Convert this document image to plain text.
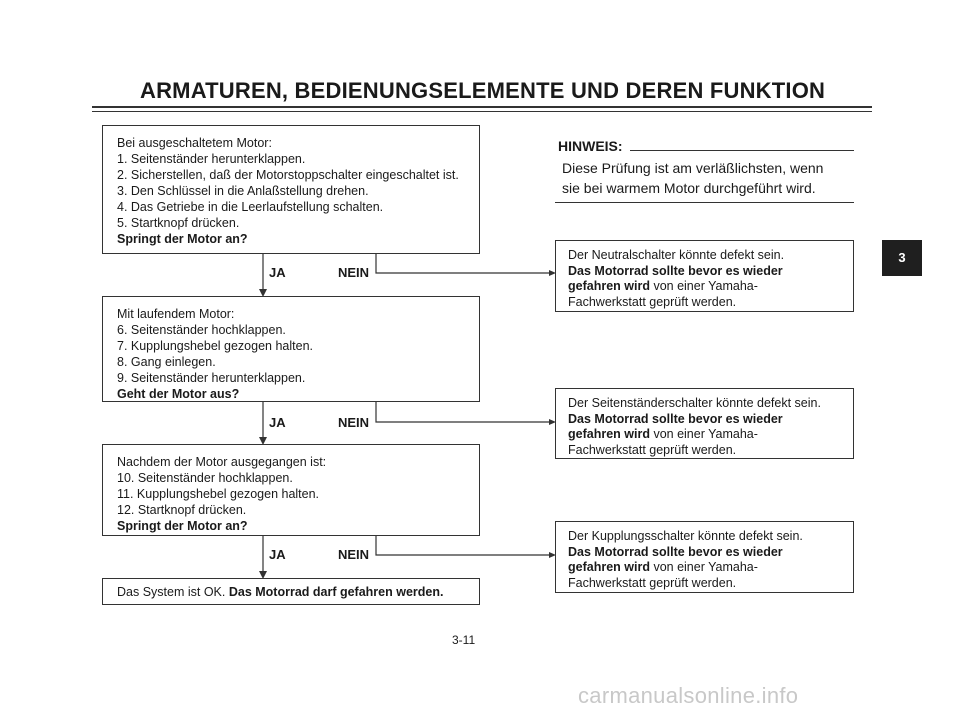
ARMATUREN, BEDIENUNGSELEMENTE UND DEREN FUNKTION
Bei ausgeschaltetem Motor:
1. Seitenständer herunterklappen.
2. Sicherstellen, daß der Motorstoppschalter eingeschaltet ist.
3. Den Schlüssel in die Anlaßstellung drehen.
4. Das Getriebe in die Leerlaufstellung schalten.
5. Startknopf drücken.
Springt der Motor an?
JA	NEIN
Mit laufendem Motor:
6. Seitenständer hochklappen.
7. Kupplungshebel gezogen halten.
8. Gang einlegen.
9. Seitenständer herunterklappen.
Geht der Motor aus?
JA	NEIN
Nachdem der Motor ausgegangen ist:
10. Seitenständer hochklappen.
11. Kupplungshebel gezogen halten.
12. Startknopf drücken.
Springt der Motor an?
JA	NEIN
Das System ist OK. Das Motorrad darf gefahren werden.
HINWEIS:
Diese Prüfung ist am verläßlichsten, wenn
sie bei warmem Motor durchgeführt wird.
Der Neutralschalter könnte defekt sein.
Das Motorrad sollte bevor es wieder
gefahren wird von einer Yamaha-
Fachwerkstatt geprüft werden.
Der Seitenständerschalter könnte defekt sein.
Das Motorrad sollte bevor es wieder
gefahren wird von einer Yamaha-
Fachwerkstatt geprüft werden.
Der Kupplungsschalter könnte defekt sein.
Das Motorrad sollte bevor es wieder
gefahren wird von einer Yamaha-
Fachwerkstatt geprüft werden.
3
3-11
carmanualsonline.info
